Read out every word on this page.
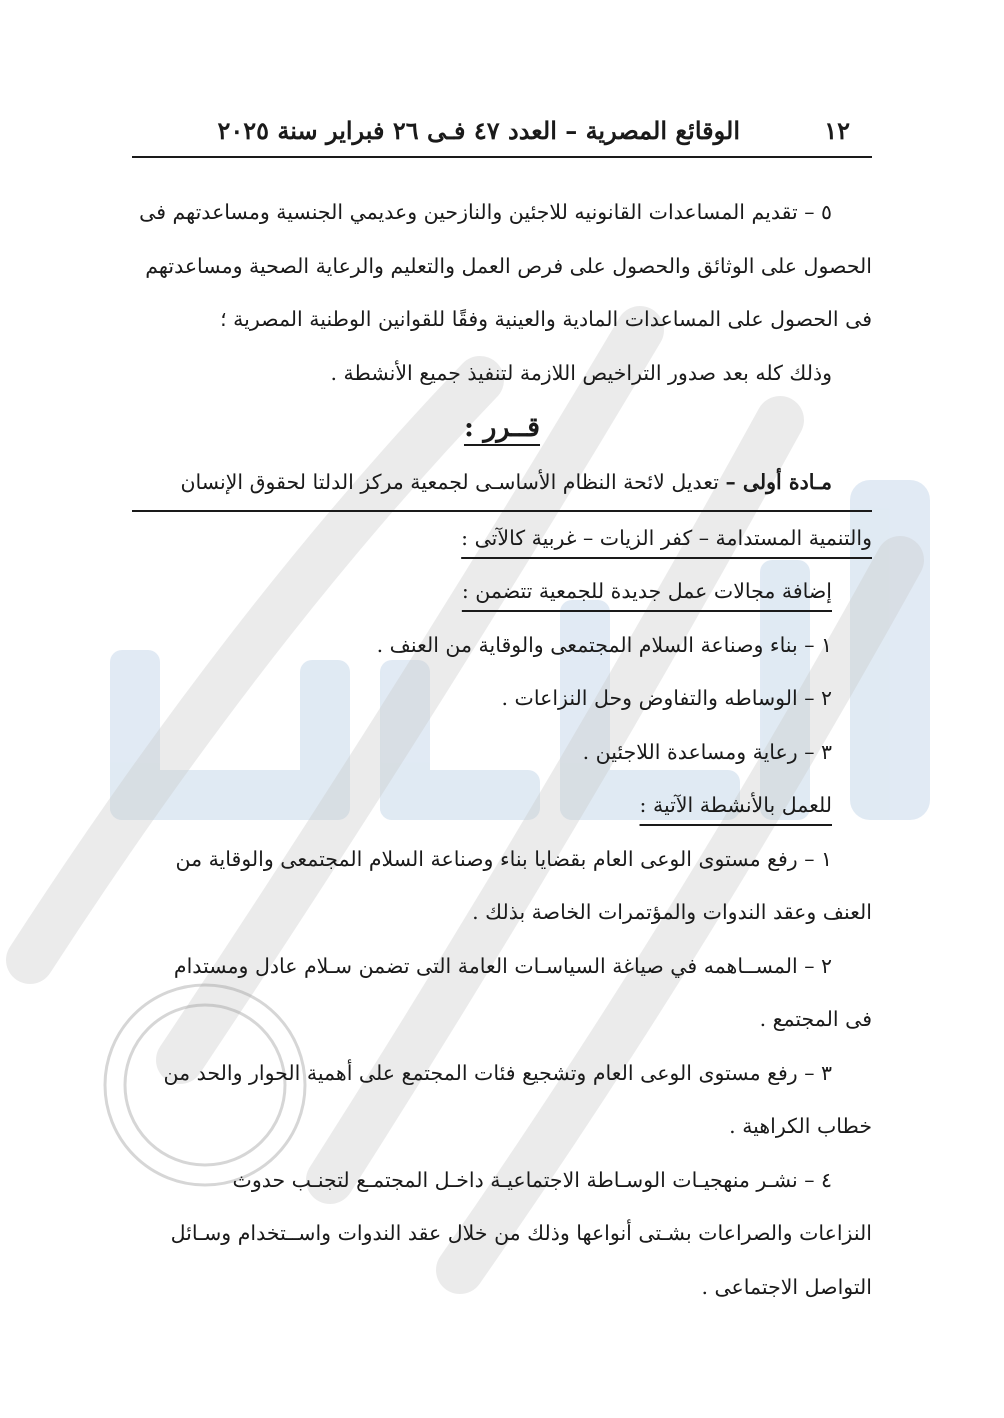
١٢
الوقائع المصرية – العدد ٤٧ فـى ٢٦ فبراير سنة ٢٠٢٥

٥ – تقديم المساعدات القانونيه للاجئين والنازحين وعديمي الجنسية ومساعدتهم فى

الحصول على الوثائق والحصول على فرص العمل والتعليم والرعاية الصحية ومساعدتهم

فى الحصول على المساعدات المادية والعينية وفقًا للقوانين الوطنية المصرية ؛

وذلك كله بعد صدور التراخيص اللازمة لتنفيذ جميع الأنشطة .

قــرر :

مـادة أولى – تعديل لائحة النظام الأساسـى لجمعية مركز الدلتا لحقوق الإنسان

والتنمية المستدامة – كفر الزيات – غربية كالآتى :

إضافة مجالات عمل جديدة للجمعية تتضمن :

١ – بناء وصناعة السلام المجتمعى والوقاية من العنف .

٢ – الوساطه والتفاوض وحل النزاعات .

٣ – رعاية ومساعدة اللاجئين .

للعمل بالأنشطة الآتية :

١ – رفع مستوى الوعى العام بقضايا بناء وصناعة السلام المجتمعى والوقاية من

العنف وعقد الندوات والمؤتمرات الخاصة بذلك .

٢ – المســاهمه في صياغة السياسـات العامة التى تضمن سـلام عادل ومستدام

فى المجتمع .

٣ – رفع مستوى الوعى العام وتشجيع فئات المجتمع على أهمية الحوار والحد من

خطاب الكراهية .

٤ – نشـر منهجيـات الوسـاطة الاجتماعيـة داخـل المجتمـع لتجنـب حدوث

النزاعات والصراعات بشـتى أنواعها وذلك من خلال عقد الندوات واســتخدام وسـائل

التواصل الاجتماعى .
